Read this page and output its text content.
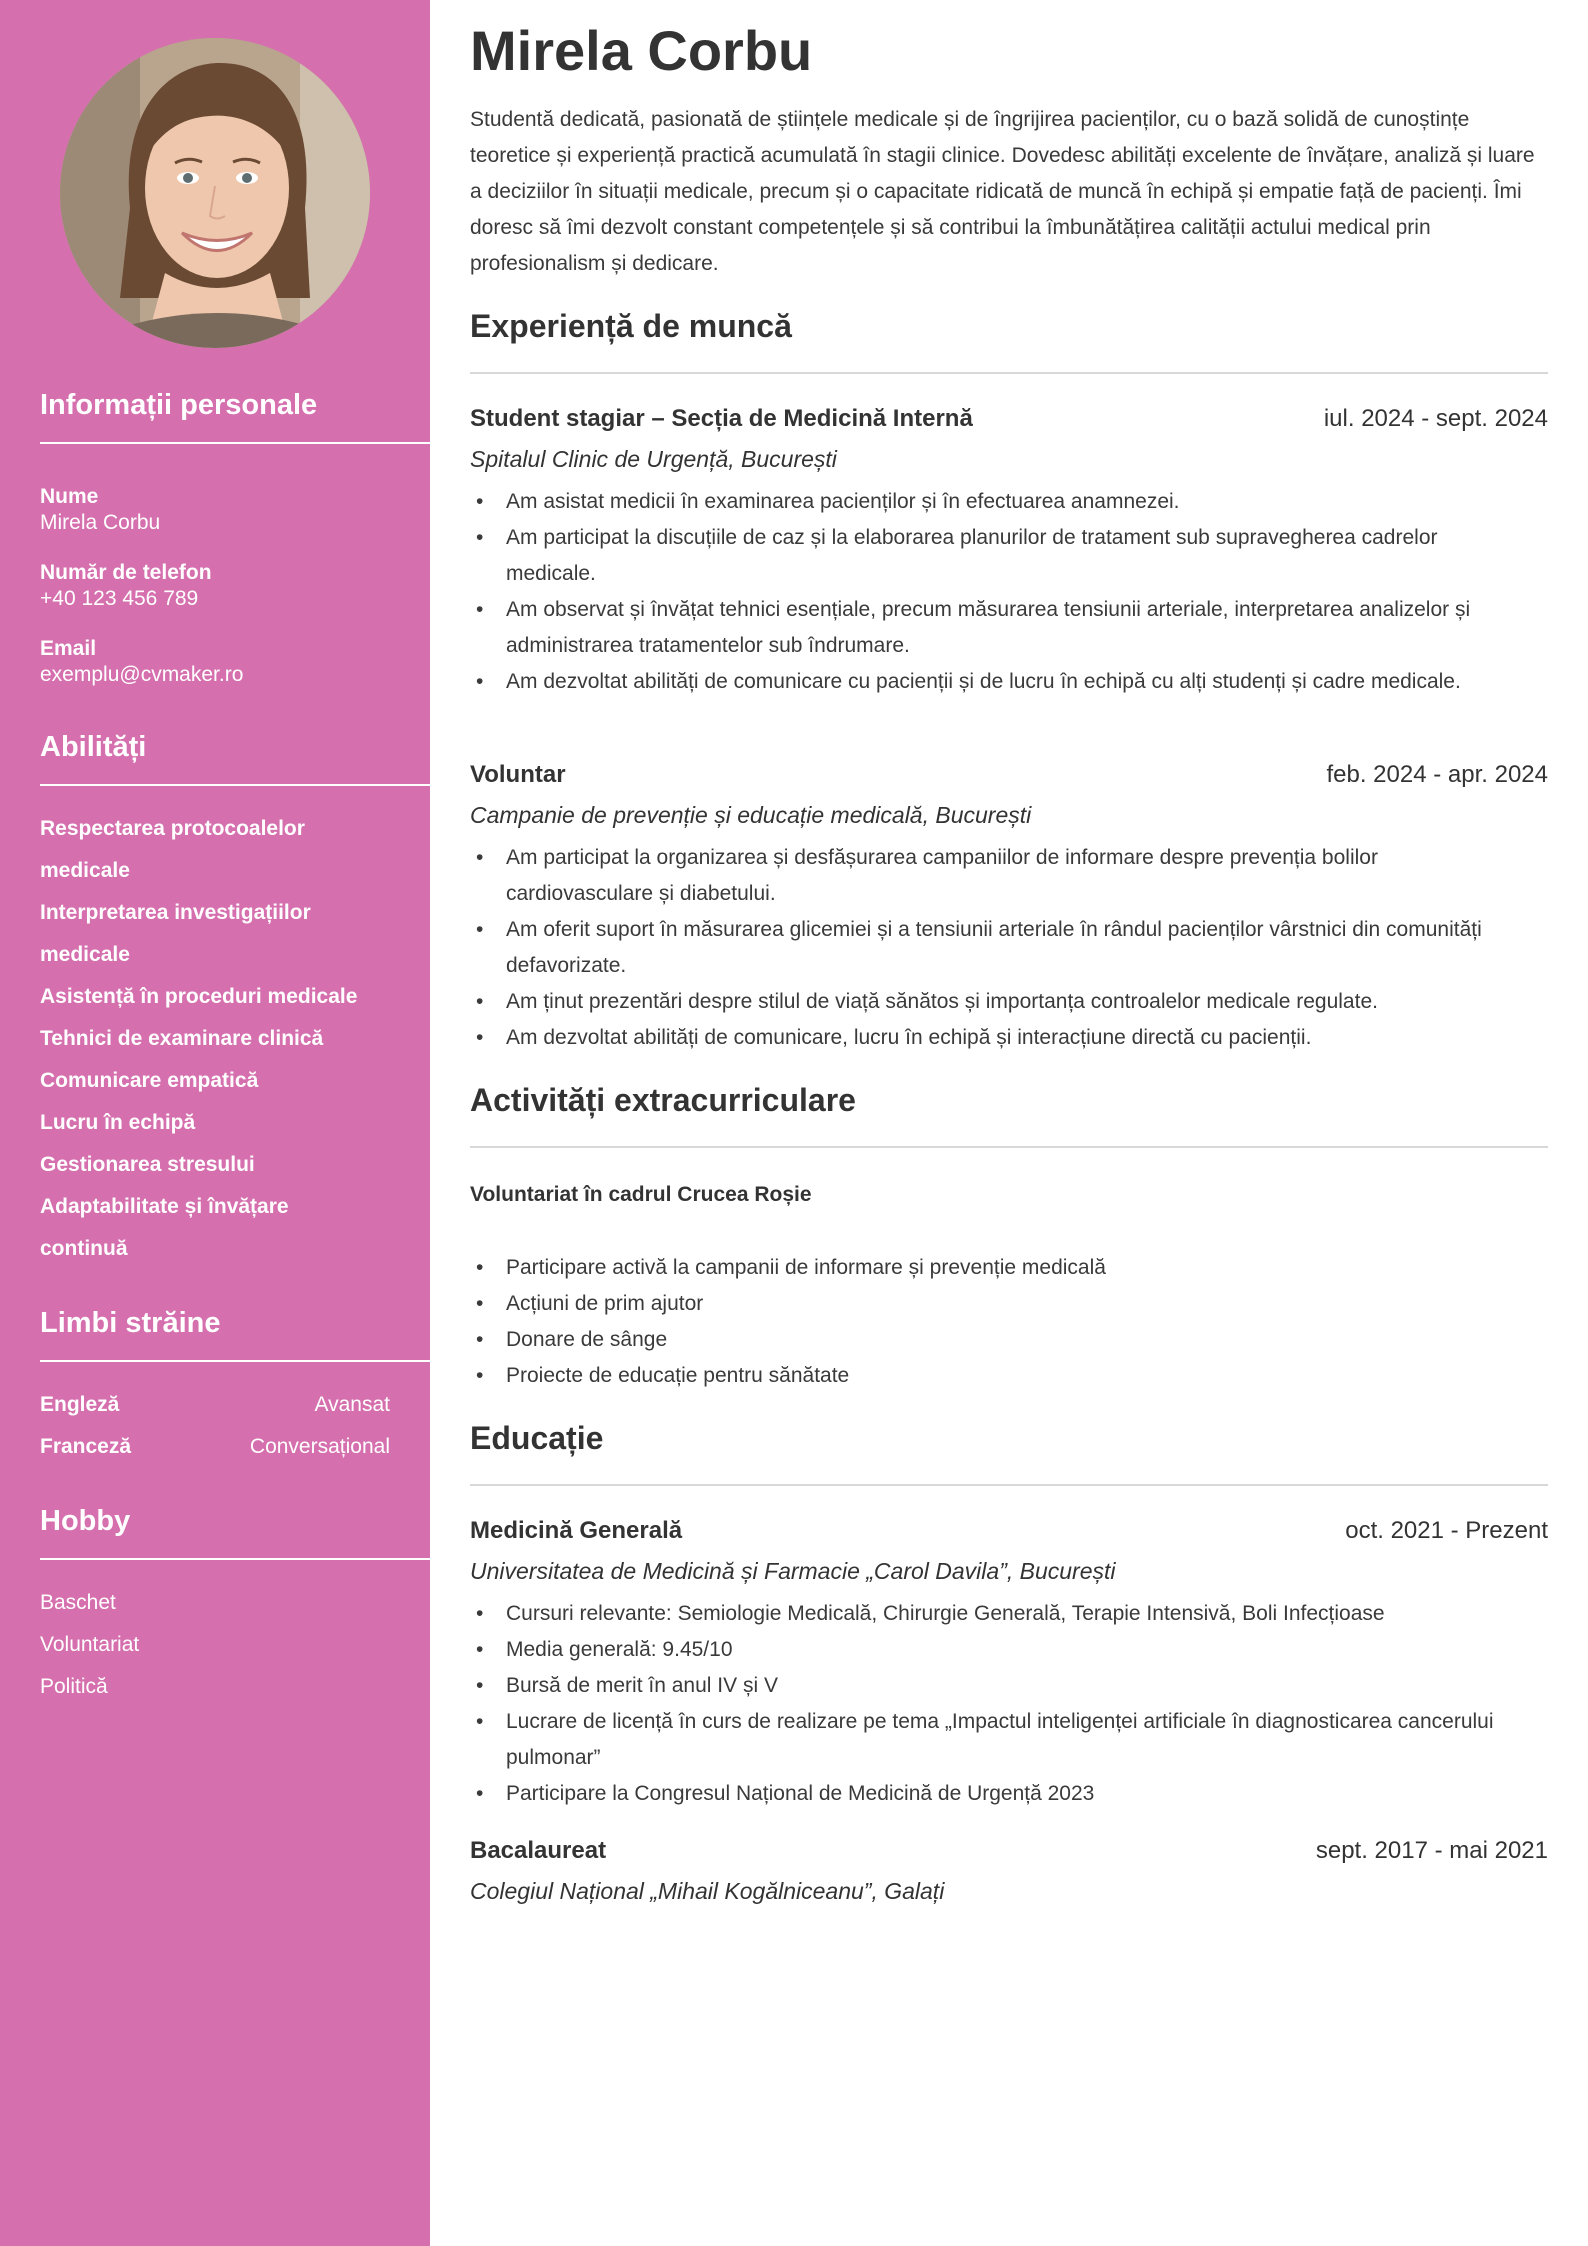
Informații personale
Nume
Mirela Corbu
Număr de telefon
+40 123 456 789
Email
exemplu@cvmaker.ro
Abilități
Respectarea protocoalelor medicale
Interpretarea investigațiilor medicale
Asistență în proceduri medicale
Tehnici de examinare clinică
Comunicare empatică
Lucru în echipă
Gestionarea stresului
Adaptabilitate și învățare continuă
Limbi străine
Engleză	Avansat
Franceză	Conversațional
Hobby
Baschet
Voluntariat
Politică
Mirela Corbu

Studentă dedicată, pasionată de științele medicale și de îngrijirea pacienților, cu o bază solidă de cunoștințe teoretice și experiență practică acumulată în stagii clinice. Dovedesc abilități excelente de învățare, analiză și luare a deciziilor în situații medicale, precum și o capacitate ridicată de muncă în echipă și empatie față de pacienți. Îmi doresc să îmi dezvolt constant competențele și să contribui la îmbunătățirea calității actului medical prin profesionalism și dedicare.

Experiență de muncă
Student stagiar – Secția de Medicină Internă	iul. 2024 - sept. 2024
Spitalul Clinic de Urgență, București
• Am asistat medicii în examinarea pacienților și în efectuarea anamnezei.
• Am participat la discuțiile de caz și la elaborarea planurilor de tratament sub supravegherea cadrelor medicale.
• Am observat și învățat tehnici esențiale, precum măsurarea tensiunii arteriale, interpretarea analizelor și administrarea tratamentelor sub îndrumare.
• Am dezvoltat abilități de comunicare cu pacienții și de lucru în echipă cu alți studenți și cadre medicale.
Voluntar	feb. 2024 - apr. 2024
Campanie de prevenție și educație medicală, București
• Am participat la organizarea și desfășurarea campaniilor de informare despre prevenția bolilor cardiovasculare și diabetului.
• Am oferit suport în măsurarea glicemiei și a tensiunii arteriale în rândul pacienților vârstnici din comunități defavorizate.
• Am ținut prezentări despre stilul de viață sănătos și importanța controalelor medicale regulate.
• Am dezvoltat abilități de comunicare, lucru în echipă și interacțiune directă cu pacienții.
Activități extracurriculare
Voluntariat în cadrul Crucea Roșie
• Participare activă la campanii de informare și prevenție medicală
• Acțiuni de prim ajutor
• Donare de sânge
• Proiecte de educație pentru sănătate
Educație
Medicină Generală	oct. 2021 - Prezent
Universitatea de Medicină și Farmacie „Carol Davila”, București
• Cursuri relevante: Semiologie Medicală, Chirurgie Generală, Terapie Intensivă, Boli Infecțioase
• Media generală: 9.45/10
• Bursă de merit în anul IV și V
• Lucrare de licență în curs de realizare pe tema „Impactul inteligenței artificiale în diagnosticarea cancerului pulmonar”
• Participare la Congresul Național de Medicină de Urgență 2023
Bacalaureat	sept. 2017 - mai 2021
Colegiul Național „Mihail Kogălniceanu”, Galați
